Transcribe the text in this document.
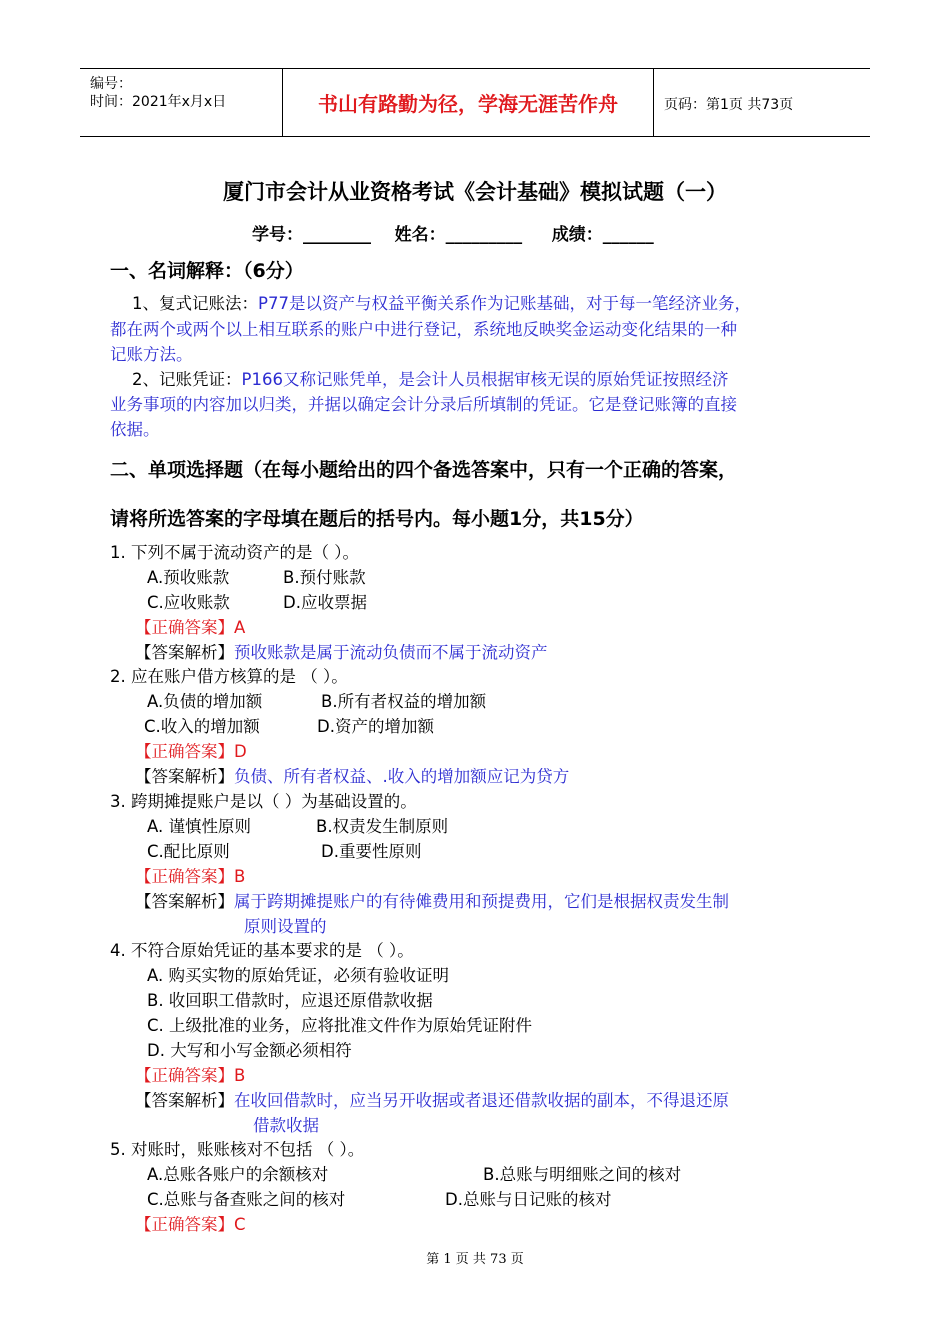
编号：
时间：2021年x月x日	书山有路勤为径，学海无涯苦作舟	页码：第1页 共73页
厦门市会计从业资格考试《会计基础》模拟试题（一）
学号：________    姓名：_________     成绩：______
一、名词解释：（6分）
1、复式记账法：P77是以资产与权益平衡关系作为记账基础，对于每一笔经济业务，
都在两个或两个以上相互联系的账户中进行登记，系统地反映奖金运动变化结果的一种
记账方法。
2、记账凭证：P166又称记账凭单，是会计人员根据审核无误的原始凭证按照经济
业务事项的内容加以归类，并据以确定会计分录后所填制的凭证。它是登记账簿的直接
依据。
二、单项选择题（在每小题给出的四个备选答案中，只有一个正确的答案，
请将所选答案的字母填在题后的括号内。每小题1分，共15分）
1. 下列不属于流动资产的是（ ）。
A.预收账款	B.预付账款
C.应收账款	D.应收票据
【正确答案】A
【答案解析】预收账款是属于流动负债而不属于流动资产
2. 应在账户借方核算的是 （ ）。
A.负债的增加额	B.所有者权益的增加额
C.收入的增加额	D.资产的增加额
【正确答案】D
【答案解析】负债、所有者权益、.收入的增加额应记为贷方
3. 跨期摊提账户是以（ ）为基础设置的。
A. 谨慎性原则	B.权责发生制原则
C.配比原则	D.重要性原则
【正确答案】B
【答案解析】属于跨期摊提账户的有待傩费用和预提费用，它们是根据权责发生制
原则设置的
4. 不符合原始凭证的基本要求的是 （ ）。
A. 购买实物的原始凭证，必须有验收证明
B. 收回职工借款时，应退还原借款收据
C. 上级批准的业务，应将批准文件作为原始凭证附件
D. 大写和小写金额必须相符
【正确答案】B
【答案解析】在收回借款时，应当另开收据或者退还借款收据的副本，不得退还原
借款收据
5. 对账时，账账核对不包括 （ ）。
A.总账各账户的余额核对	B.总账与明细账之间的核对
C.总账与备查账之间的核对	D.总账与日记账的核对
【正确答案】C
第 1 页 共 73 页
